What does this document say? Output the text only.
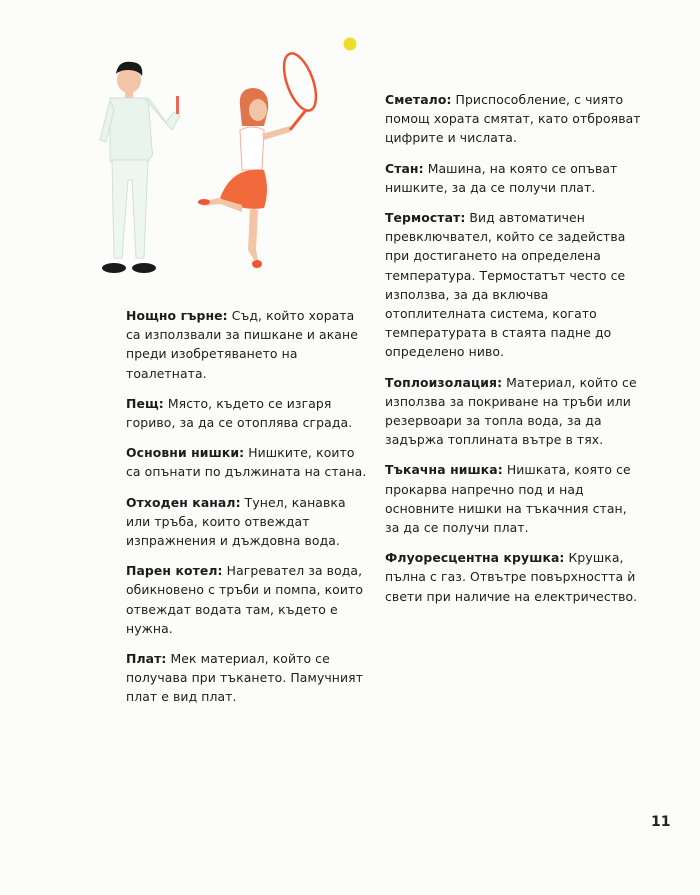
Нощно гърне: Съд, който хората са използвали за пишкане и акане преди изобретяването на тоалетната.

Пещ: Място, където се изгаря гориво, за да се отоплява сграда.

Основни нишки: Нишките, които са опънати по дължината на стана.

Отходен канал: Тунел, канавка или тръба, които отвеждат изпражнения и дъждовна вода.

Парен котел: Нагревател за вода, обикновено с тръби и помпа, които отвеждат водата там, където е нужна.

Плат: Мек материал, който се получава при тъкането. Памучният плат е вид плат.

Сметало: Приспособление, с чиято помощ хората смятат, като отброяват цифрите и числата.

Стан: Машина, на която се опъват нишките, за да се получи плат.

Термостат: Вид автоматичен превключвател, който се задейства при достигането на определена температура. Термостатът често се използва, за да включва отоплителната система, когато температурата в стаята падне до определено ниво.

Топлоизолация: Материал, който се използва за покриване на тръби или резервоари за топла вода, за да задържа топлината вътре в тях.

Тъкачна нишка: Нишката, която се прокарва напречно под и над основните нишки на тъкачния стан, за да се получи плат.

Флуоресцентна крушка: Крушка, пълна с газ. Отвътре повърхността ѝ свети при наличие на електричество.

11
